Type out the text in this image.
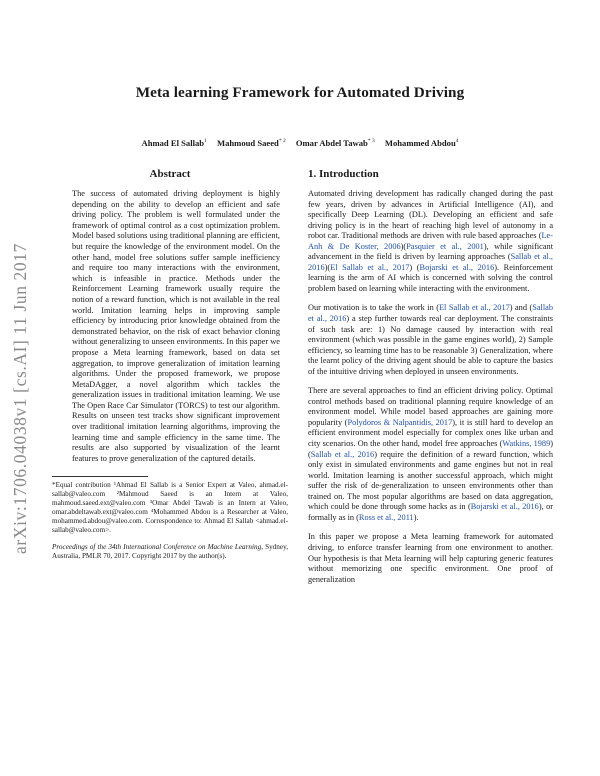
arXiv:1706.04038v1 [cs.AI] 11 Jun 2017
Meta learning Framework for Automated Driving
Ahmad El Sallab$^1$ Mahmoud Saeed$^{* 2}$ Omar Abdel Tawab$^{* 3}$ Mohammed Abdou$^4$
Abstract
The success of automated driving deployment is highly depending on the ability to develop an efficient and safe driving policy. The problem is well formulated under the framework of optimal control as a cost optimization problem. Model based solutions using traditional planning are efficient, but require the knowledge of the environment model. On the other hand, model free solutions suffer sample inefficiency and require too many interactions with the environment, which is infeasible in practice. Methods under the Reinforcement Learning framework usually require the notion of a reward function, which is not available in the real world. Imitation learning helps in improving sample efficiency by introducing prior knowledge obtained from the demonstrated behavior, on the risk of exact behavior cloning without generalizing to unseen environments. In this paper we propose a Meta learning framework, based on data set aggregation, to improve generalization of imitation learning algorithms. Under the proposed framework, we propose MetaDAgger, a novel algorithm which tackles the generalization issues in traditional imitation learning. We use The Open Race Car Simulator (TORCS) to test our algorithm. Results on unseen test tracks show significant improvement over traditional imitation learning algorithms, improving the learning time and sample efficiency in the same time. The results are also supported by visualization of the learnt features to prove generalization of the captured details.
*Equal contribution ¹Ahmad El Sallab is a Senior Expert at Valeo, ahmad.el-sallab@valeo.com ²Mahmoud Saeed is an Intern at Valeo, mahmoud.saeed.ext@valeo.com ³Omar Abdel Tawab is an Intern at Valeo, omar.abdeltawab.ext@valeo.com ⁴Mohammed Abdou is a Researcher at Valeo, mohammed.abdou@valeo.com. Correspondence to: Ahmad El Sallab <ahmad.el-sallab@valeo.com>.
Proceedings of the 34th International Conference on Machine Learning, Sydney, Australia, PMLR 70, 2017. Copyright 2017 by the author(s).
1. Introduction
Automated driving development has radically changed during the past few years, driven by advances in Artificial Intelligence (AI), and specifically Deep Learning (DL). Developing an efficient and safe driving policy is in the heart of reaching high level of autonomy in a robot car. Traditional methods are driven with rule based approaches (Le-Anh & De Koster, 2006)(Pasquier et al., 2001), while significant advancement in the field is driven by learning approaches (Sallab et al., 2016)(El Sallab et al., 2017) (Bojarski et al., 2016). Reinforcement learning is the arm of AI which is concerned with solving the control problem based on learning while interacting with the environment.
Our motivation is to take the work in (El Sallab et al., 2017) and (Sallab et al., 2016) a step further towards real car deployment. The constraints of such task are: 1) No damage caused by interaction with real environment (which was possible in the game engines world), 2) Sample efficiency, so learning time has to be reasonable 3) Generalization, where the learnt policy of the driving agent should be able to capture the basics of the intuitive driving when deployed in unseen environments.
There are several approaches to find an efficient driving policy. Optimal control methods based on traditional planning require knowledge of an environment model. While model based approaches are gaining more popularity (Polydoros & Nalpantidis, 2017), it is still hard to develop an efficient environment model especially for complex ones like urban and city scenarios. On the other hand, model free approaches (Watkins, 1989) (Sallab et al., 2016) require the definition of a reward function, which only exist in simulated environments and game engines but not in real world. Imitation learning is another successful approach, which might suffer the risk of de-generalization to unseen environments other than trained on. The most popular algorithms are based on data aggregation, which could be done through some hacks as in (Bojarski et al., 2016), or formally as in (Ross et al., 2011).
In this paper we propose a Meta learning framework for automated driving, to enforce transfer learning from one environment to another. Our hypothesis is that Meta learning will help capturing generic features without memorizing one specific environment. One proof of generalization
